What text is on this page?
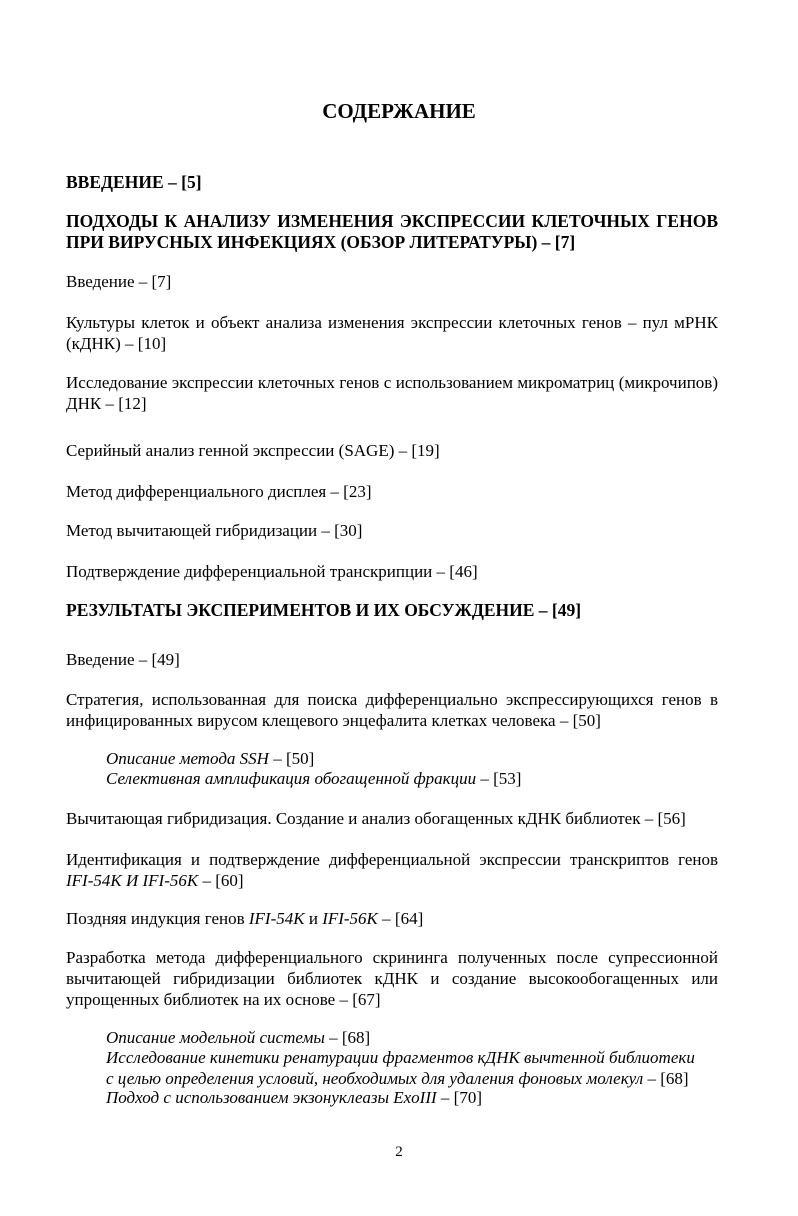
СОДЕРЖАНИЕ

ВВЕДЕНИЕ – [5]

ПОДХОДЫ К АНАЛИЗУ ИЗМЕНЕНИЯ ЭКСПРЕССИИ КЛЕТОЧНЫХ ГЕНОВ
ПРИ ВИРУСНЫХ ИНФЕКЦИЯХ (ОБЗОР ЛИТЕРАТУРЫ) – [7]

Введение – [7]

Культуры клеток и объект анализа изменения экспрессии клеточных генов – пул мРНК (кДНК) – [10]

Исследование экспрессии клеточных генов с использованием микроматриц (микрочипов) ДНК – [12]

Серийный анализ генной экспрессии (SAGE) – [19]

Метод дифференциального дисплея – [23]

Метод вычитающей гибридизации – [30]

Подтверждение дифференциальной транскрипции – [46]

РЕЗУЛЬТАТЫ ЭКСПЕРИМЕНТОВ И ИХ ОБСУЖДЕНИЕ – [49]

Введение – [49]

Стратегия, использованная для поиска дифференциально экспрессирующихся генов в инфицированных вирусом клещевого энцефалита клетках человека – [50]

Описание метода SSH – [50]

Селективная амплификация обогащенной фракции – [53]

Вычитающая гибридизация. Создание и анализ обогащенных кДНК библиотек – [56]

Идентификация и подтверждение дифференциальной экспрессии транскриптов генов IFI-54K И IFI-56K – [60]

Поздняя индукция генов IFI-54K и IFI-56K – [64]

Разработка метода дифференциального скрининга полученных после супрессионной вычитающей гибридизации библиотек кДНК и создание высокообогащенных или упрощенных библиотек на их основе – [67]

Описание модельной системы – [68]

Исследование кинетики ренатурации фрагментов кДНК вычтенной библиотеки
с целью определения условий, необходимых для удаления фоновых молекул – [68]

Подход с использованием экзонуклеазы ExoIII – [70]

2
